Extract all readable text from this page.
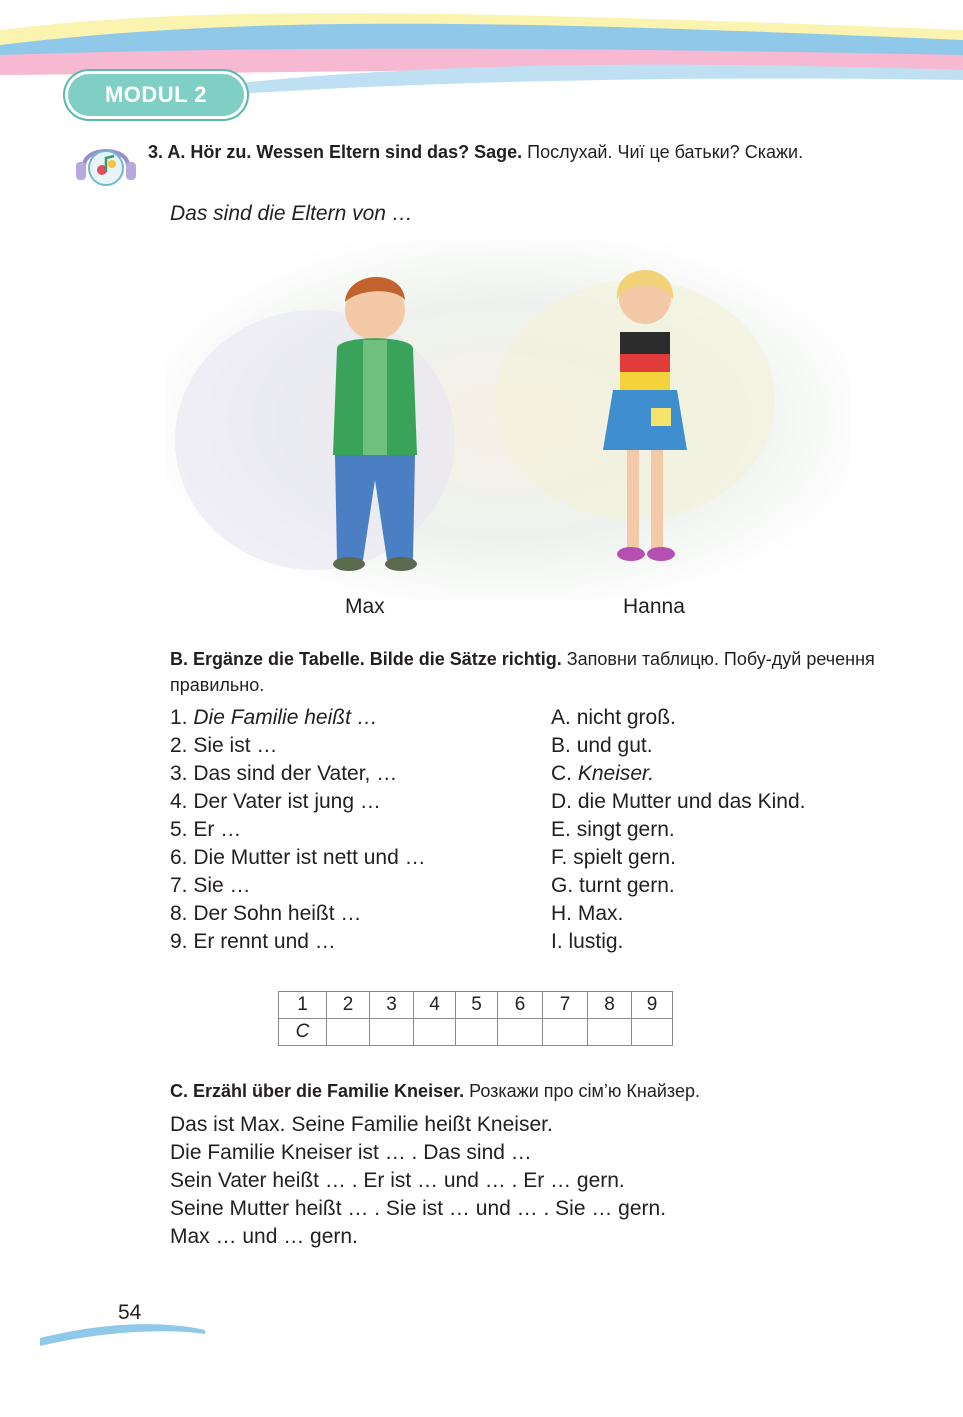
MODUL 2
3. A. Hör zu. Wessen Eltern sind das? Sage. Послухай. Чиї це батьки? Скажи.
Das sind die Eltern von …
Max	Hanna
B. Ergänze die Tabelle. Bilde die Sätze richtig. Заповни таблицю. Побу-дуй речення правильно.
1. Die Familie heißt …
2. Sie ist …
3. Das sind der Vater, …
4. Der Vater ist jung …
5. Er …
6. Die Mutter ist nett und …
7. Sie …
8. Der Sohn heißt …
9. Er rennt und …
A. nicht groß.
B. und gut.
C. Kneiser.
D. die Mutter und das Kind.
E. singt gern.
F. spielt gern.
G. turnt gern.
H. Max.
I. lustig.
1	2	3	4	5	6	7	8	9
C								
C. Erzähl über die Familie Kneiser. Розкажи про сім’ю Кнайзер.
Das ist Max. Seine Familie heißt Kneiser.
Die Familie Kneiser ist … . Das sind …
Sein Vater heißt … . Er ist … und … . Er … gern.
Seine Mutter heißt … . Sie ist … und … . Sie … gern.
Max … und … gern.
54
